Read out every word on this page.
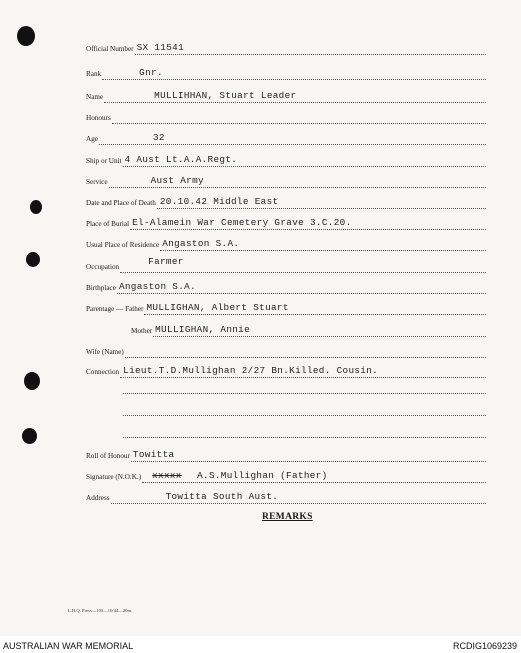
Official Number SX 11541
Rank	Gnr.
Name	MULLIHHAN, Stuart Leader
Honours
Age	32
Ship or Unit 4 Aust Lt.A.A.Regt.
Service	Aust Army
Date and Place of Death 20.10.42 Middle East
Place of Burial El-Alamein War Cemetery Grave 3.C.20.
Usual Place of Residence Angaston S.A.
Occupation	Farmer
Birthplace Angaston S.A.
Parentage — Father MULLIGHAN, Albert Stuart
Mother MULLIGHAN, Annie
Wife (Name)
Connection Lieut.T.D.Mullighan 2/27 Bn.Killed. Cousin.
Roll of Honour Towitta
Signature (N.O.K.) xxxxx A.S.Mullighan (Father)
Address	Towitta South Aust.
REMARKS
L.H.Q. Press—103—10/44—20m.
AUSTRALIAN WAR MEMORIAL	RCDIG1069239
